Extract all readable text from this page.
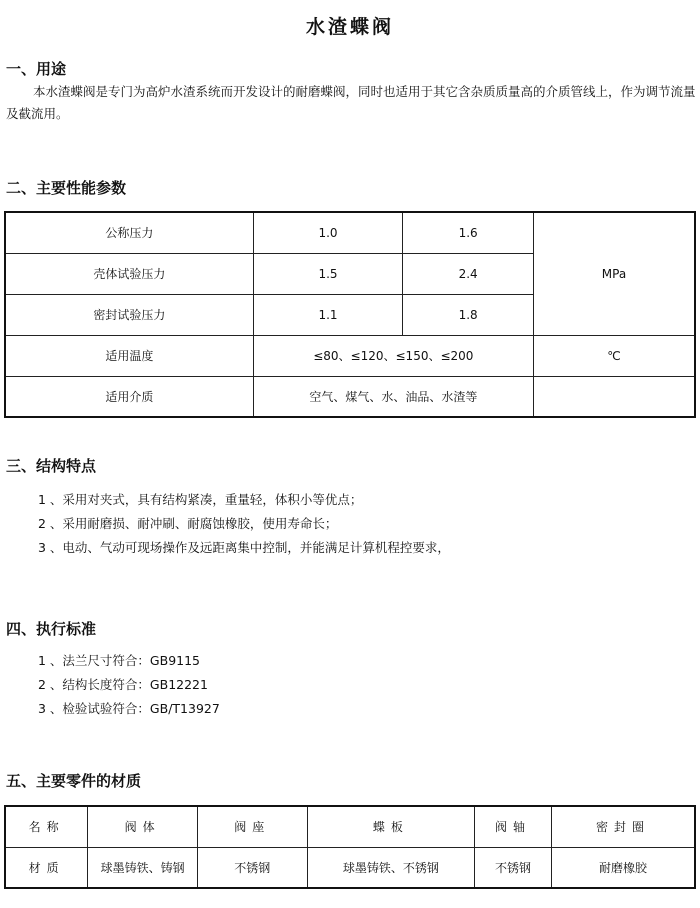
水渣蝶阀
一、用途
本水渣蝶阀是专门为高炉水渣系统而开发设计的耐磨蝶阀，同时也适用于其它含杂质质量高的介质管线上，作为调节流量及截流用。
二、主要性能参数
公称压力	1.0	1.6	MPa
壳体试验压力	1.5	2.4	
密封试验压力	1.1	1.8	
适用温度	≤80、≤120、≤150、≤200		℃
适用介质	空气、煤气、水、油品、水渣等		
三、结构特点
1 、采用对夹式，具有结构紧凑，重量轻，体积小等优点；
2 、采用耐磨损、耐冲刷、耐腐蚀橡胶，使用寿命长；
3 、电动、气动可现场操作及远距离集中控制，并能满足计算机程控要求，
四、执行标准
1 、法兰尺寸符合：GB9115
2 、结构长度符合：GB12221
3 、检验试验符合：GB/T13927
五、主要零件的材质
名称	阀体	阀座	蝶板	阀轴	密封圈
材质	球墨铸铁、铸钢	不锈钢	球墨铸铁、不锈钢	不锈钢	耐磨橡胶
